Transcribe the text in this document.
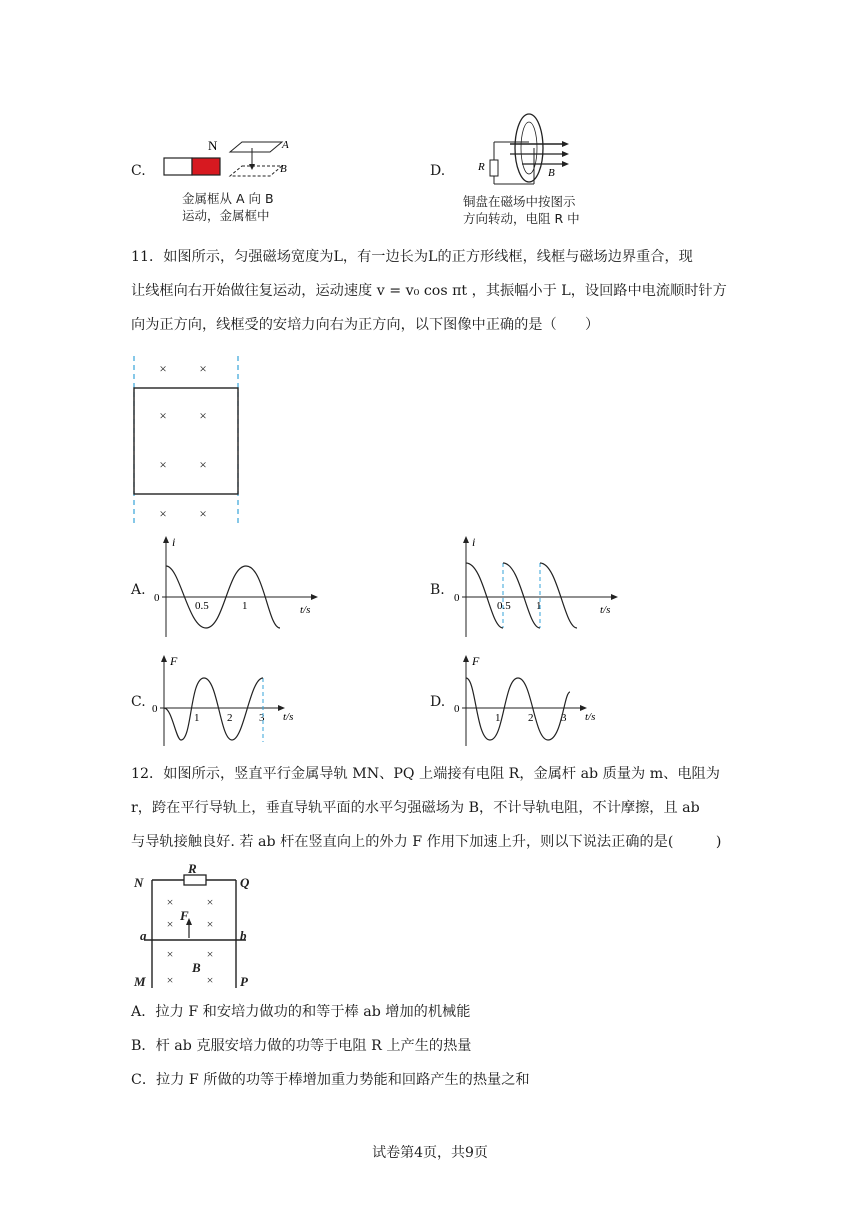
C.
N	A
B
金属框从 A 向 B
运动，金属框中
D.	R	B
铜盘在磁场中按图示
方向转动，电阻 R 中
11．如图所示，匀强磁场宽度为L，有一边长为L的正方形线框，线框与磁场边界重合，现
让线框向右开始做往复运动，运动速度 v = v₀ cos πt ，其振幅小于 L，设回路中电流顺时针方
向为正方向，线框受的安培力向右为正方向，以下图像中正确的是（　　）
×	×
×	×
×	×
×	×
A.
i
0
t/s
0.5	1
B.
i
0
t/s
0.5 1
C.
F
0
t/s
1	2 3
D.
F
0
t/s
1	2	3
12．如图所示，竖直平行金属导轨 MN、PQ 上端接有电阻 R，金属杆 ab 质量为 m、电阻为
r，跨在平行导轨上，垂直导轨平面的水平匀强磁场为 B，不计导轨电阻，不计摩擦，且 ab
与导轨接触良好. 若 ab 杆在竖直向上的外力 F 作用下加速上升，则以下说法正确的是(　　　)
R
N	Q
a	b
F
B
M	P
×	×
×	×
×	×
×	×
A．拉力 F 和安培力做功的和等于棒 ab 增加的机械能
B．杆 ab 克服安培力做的功等于电阻 R 上产生的热量
C．拉力 F 所做的功等于棒增加重力势能和回路产生的热量之和
试卷第4页，共9页
